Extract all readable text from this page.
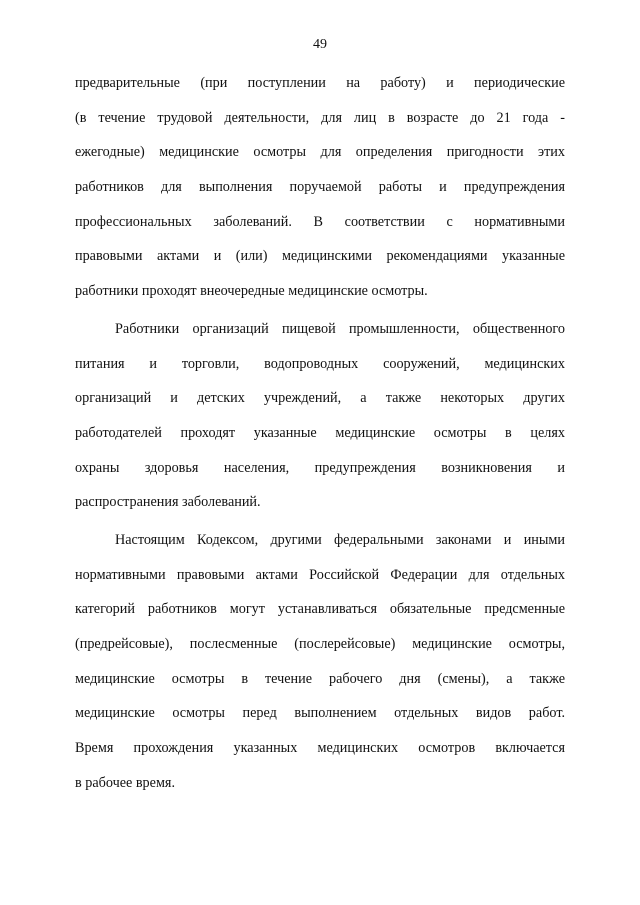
49
предварительные (при поступлении на работу) и периодические
(в течение трудовой деятельности, для лиц в возрасте до 21 года -
ежегодные) медицинские осмотры для определения пригодности этих
работников для выполнения поручаемой работы и предупреждения
профессиональных заболеваний. В соответствии с нормативными
правовыми актами и (или) медицинскими рекомендациями указанные
работники проходят внеочередные медицинские осмотры.
Работники организаций пищевой промышленности, общественного
питания и торговли, водопроводных сооружений, медицинских
организаций и детских учреждений, а также некоторых других
работодателей проходят указанные медицинские осмотры в целях
охраны здоровья населения, предупреждения возникновения и
распространения заболеваний.
Настоящим Кодексом, другими федеральными законами и иными
нормативными правовыми актами Российской Федерации для отдельных
категорий работников могут устанавливаться обязательные предсменные
(предрейсовые), послесменные (послерейсовые) медицинские осмотры,
медицинские осмотры в течение рабочего дня (смены), а также
медицинские осмотры перед выполнением отдельных видов работ.
Время прохождения указанных медицинских осмотров включается
в рабочее время.
